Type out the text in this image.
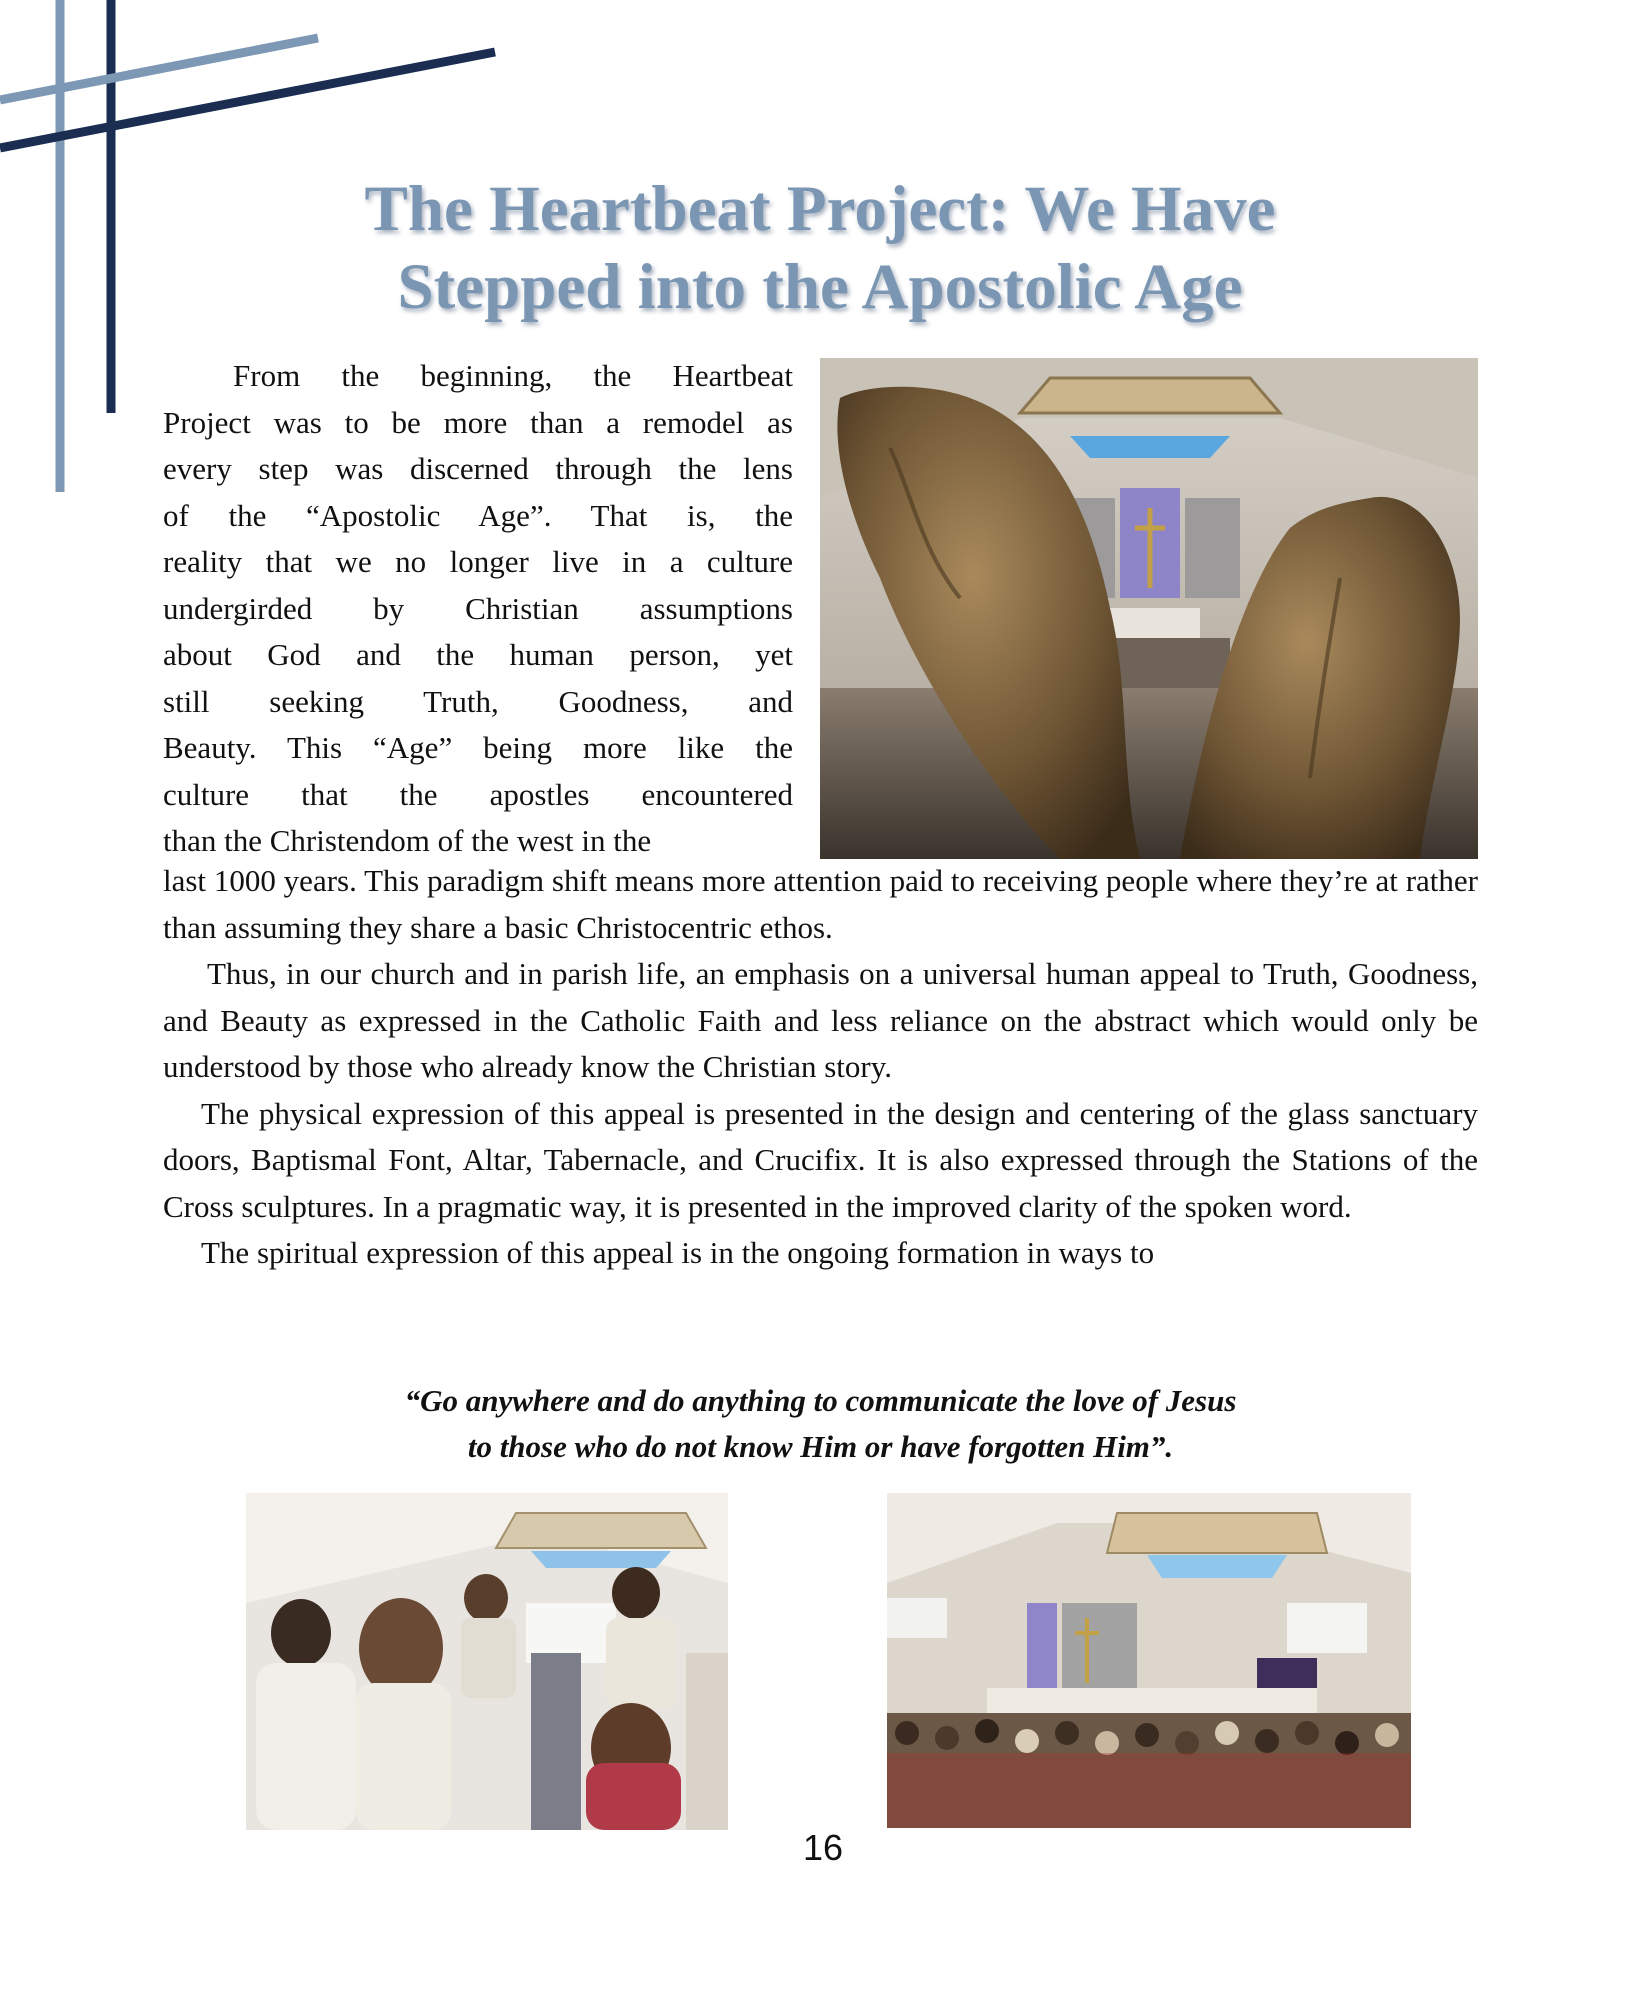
The Heartbeat Project: We Have
Stepped into the Apostolic Age
From the beginning, the Heartbeat
Project was to be more than a remodel as
every step was discerned through the lens
of the “Apostolic Age”. That is, the
reality that we no longer live in a culture
undergirded by Christian assumptions
about God and the human person, yet
still seeking Truth, Goodness, and
Beauty. This “Age” being more like the
culture that the apostles encountered
than the Christendom of the west in the

last 1000 years. This paradigm shift means more attention paid to receiving people where they’re at rather than assuming they share a basic Christocentric ethos.

Thus, in our church and in parish life, an emphasis on a universal human appeal to Truth, Goodness, and Beauty as expressed in the Catholic Faith and less reliance on the abstract which would only be understood by those who already know the Christian story.

The physical expression of this appeal is presented in the design and centering of the glass sanctuary doors, Baptismal Font, Altar, Tabernacle, and Crucifix. It is also expressed through the Stations of the Cross sculptures. In a pragmatic way, it is presented in the improved clarity of the spoken word.

The spiritual expression of this appeal is in the ongoing formation in ways to

“Go anywhere and do anything to communicate the love of Jesus
to those who do not know Him or have forgotten Him”.
16
